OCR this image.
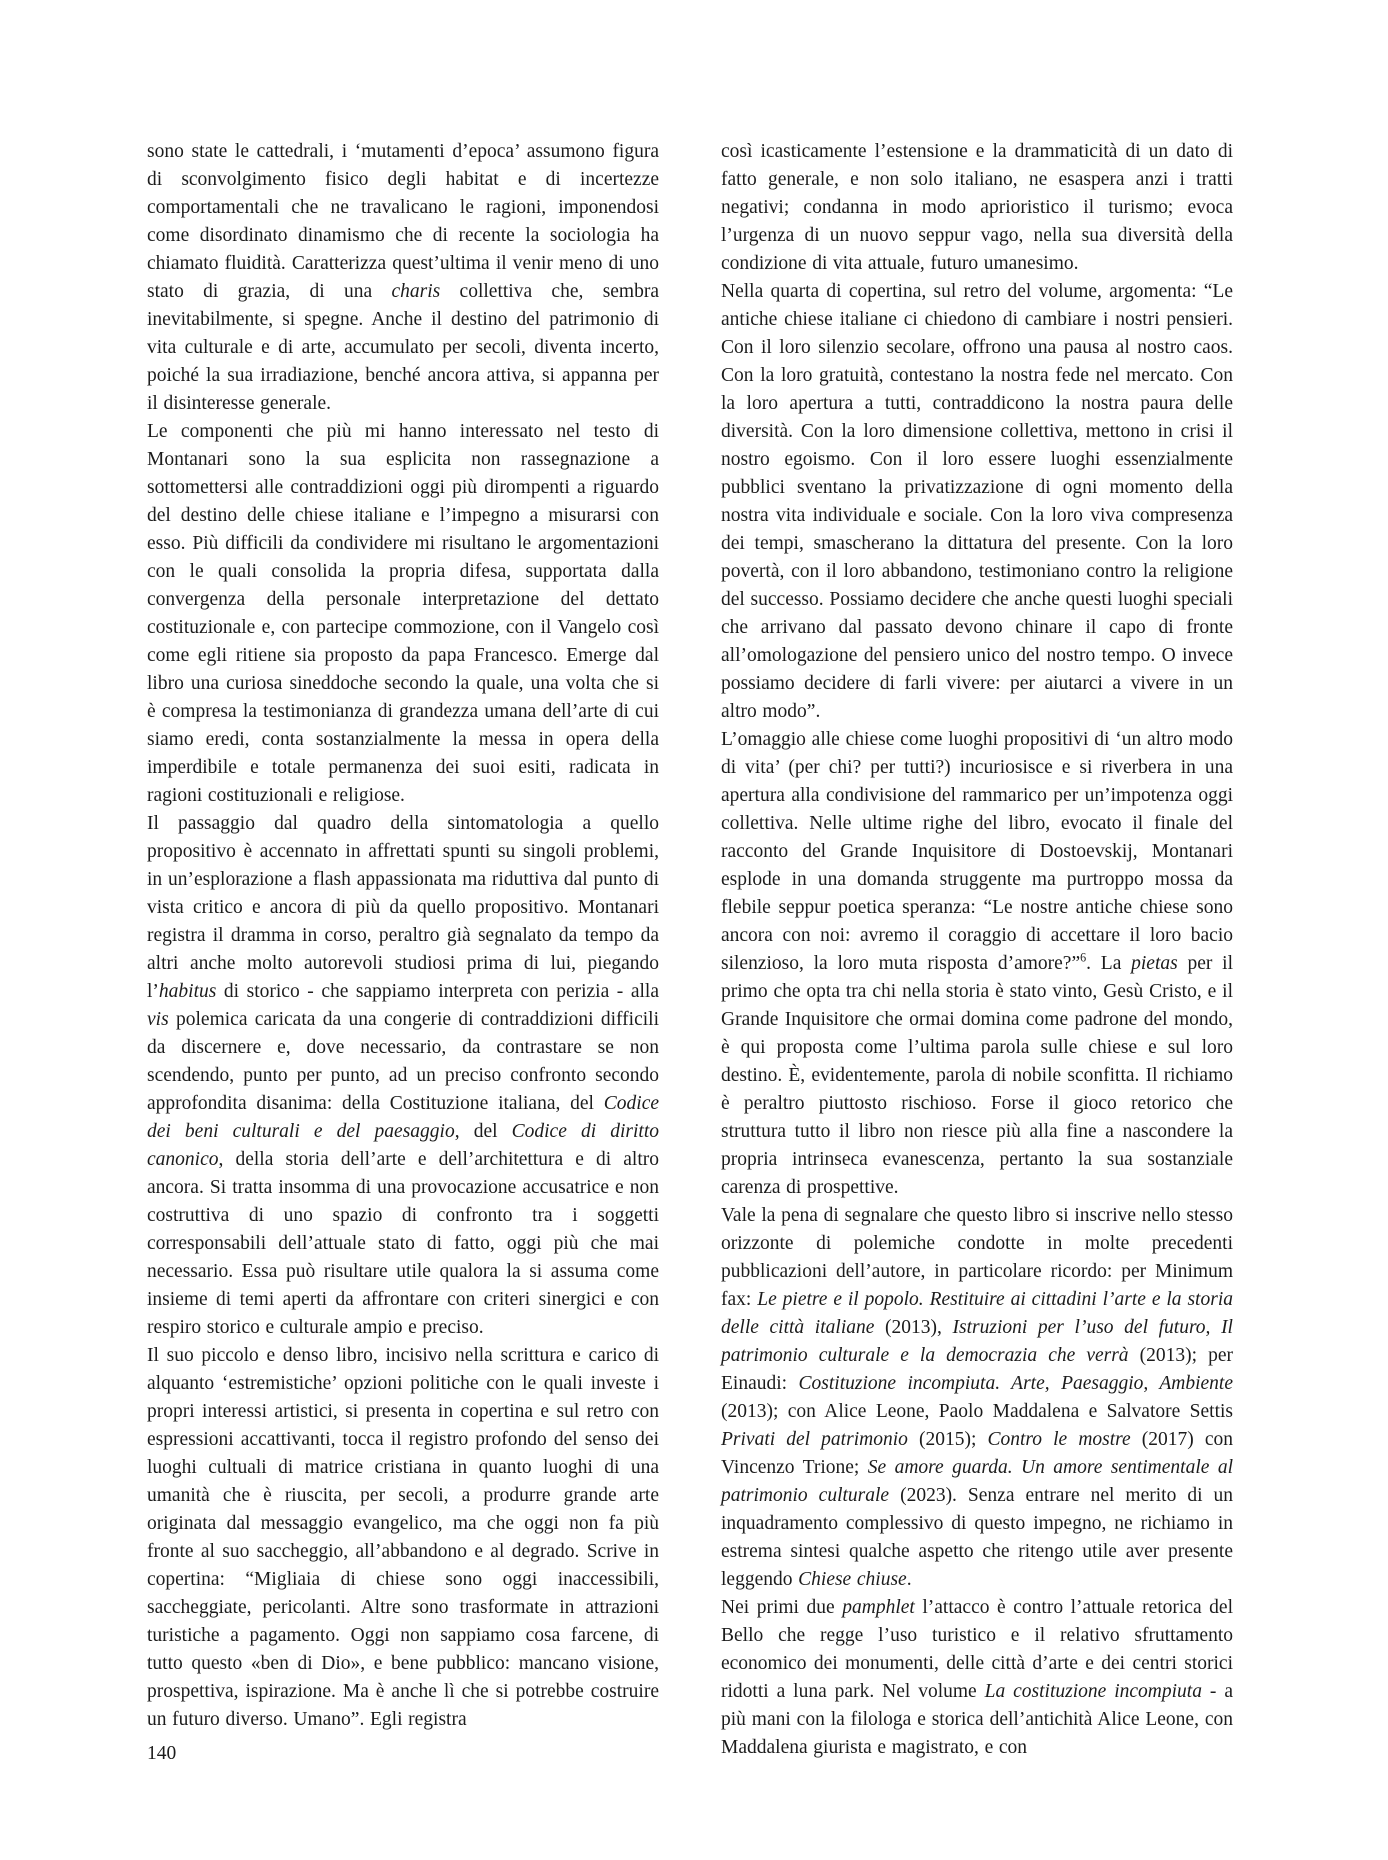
sono state le cattedrali, i ‘mutamenti d’epoca’ assumono figura di sconvolgimento fisico degli habitat e di incertezze comportamentali che ne travalicano le ragioni, imponendosi come disordinato dinamismo che di recente la sociologia ha chiamato fluidità. Caratterizza quest’ultima il venir meno di uno stato di grazia, di una charis collettiva che, sembra inevitabilmente, si spegne. Anche il destino del patrimonio di vita culturale e di arte, accumulato per secoli, diventa incerto, poiché la sua irradiazione, benché ancora attiva, si appanna per il disinteresse generale.

Le componenti che più mi hanno interessato nel testo di Montanari sono la sua esplicita non rassegnazione a sottomettersi alle contraddizioni oggi più dirompenti a riguardo del destino delle chiese italiane e l’impegno a misurarsi con esso. Più difficili da condividere mi risultano le argomentazioni con le quali consolida la propria difesa, supportata dalla convergenza della personale interpretazione del dettato costituzionale e, con partecipe commozione, con il Vangelo così come egli ritiene sia proposto da papa Francesco. Emerge dal libro una curiosa sineddoche secondo la quale, una volta che si è compresa la testimonianza di grandezza umana dell’arte di cui siamo eredi, conta sostanzialmente la messa in opera della imperdibile e totale permanenza dei suoi esiti, radicata in ragioni costituzionali e religiose.

Il passaggio dal quadro della sintomatologia a quello propositivo è accennato in affrettati spunti su singoli problemi, in un’esplorazione a flash appassionata ma riduttiva dal punto di vista critico e ancora di più da quello propositivo. Montanari registra il dramma in corso, peraltro già segnalato da tempo da altri anche molto autorevoli studiosi prima di lui, piegando l’habitus di storico - che sappiamo interpreta con perizia - alla vis polemica caricata da una congerie di contraddizioni difficili da discernere e, dove necessario, da contrastare se non scendendo, punto per punto, ad un preciso confronto secondo approfondita disanima: della Costituzione italiana, del Codice dei beni culturali e del paesaggio, del Codice di diritto canonico, della storia dell’arte e dell’architettura e di altro ancora. Si tratta insomma di una provocazione accusatrice e non costruttiva di uno spazio di confronto tra i soggetti corresponsabili dell’attuale stato di fatto, oggi più che mai necessario. Essa può risultare utile qualora la si assuma come insieme di temi aperti da affrontare con criteri sinergici e con respiro storico e culturale ampio e preciso.

Il suo piccolo e denso libro, incisivo nella scrittura e carico di alquanto ‘estremistiche’ opzioni politiche con le quali investe i propri interessi artistici, si presenta in copertina e sul retro con espressioni accattivanti, tocca il registro profondo del senso dei luoghi cultuali di matrice cristiana in quanto luoghi di una umanità che è riuscita, per secoli, a produrre grande arte originata dal messaggio evangelico, ma che oggi non fa più fronte al suo saccheggio, all’abbandono e al degrado. Scrive in copertina: “Migliaia di chiese sono oggi inaccessibili, saccheggiate, pericolanti. Altre sono trasformate in attrazioni turistiche a pagamento. Oggi non sappiamo cosa farcene, di tutto questo «ben di Dio», e bene pubblico: mancano visione, prospettiva, ispirazione. Ma è anche lì che si potrebbe costruire un futuro diverso. Umano”. Egli registra

così icasticamente l’estensione e la drammaticità di un dato di fatto generale, e non solo italiano, ne esaspera anzi i tratti negativi; condanna in modo aprioristico il turismo; evoca l’urgenza di un nuovo seppur vago, nella sua diversità della condizione di vita attuale, futuro umanesimo.

Nella quarta di copertina, sul retro del volume, argomenta: “Le antiche chiese italiane ci chiedono di cambiare i nostri pensieri. Con il loro silenzio secolare, offrono una pausa al nostro caos. Con la loro gratuità, contestano la nostra fede nel mercato. Con la loro apertura a tutti, contraddicono la nostra paura delle diversità. Con la loro dimensione collettiva, mettono in crisi il nostro egoismo. Con il loro essere luoghi essenzialmente pubblici sventano la privatizzazione di ogni momento della nostra vita individuale e sociale. Con la loro viva compresenza dei tempi, smascherano la dittatura del presente. Con la loro povertà, con il loro abbandono, testimoniano contro la religione del successo. Possiamo decidere che anche questi luoghi speciali che arrivano dal passato devono chinare il capo di fronte all’omologazione del pensiero unico del nostro tempo. O invece possiamo decidere di farli vivere: per aiutarci a vivere in un altro modo”.

L’omaggio alle chiese come luoghi propositivi di ‘un altro modo di vita’ (per chi? per tutti?) incuriosisce e si riverbera in una apertura alla condivisione del rammarico per un’impotenza oggi collettiva. Nelle ultime righe del libro, evocato il finale del racconto del Grande Inquisitore di Dostoevskij, Montanari esplode in una domanda struggente ma purtroppo mossa da flebile seppur poetica speranza: “Le nostre antiche chiese sono ancora con noi: avremo il coraggio di accettare il loro bacio silenzioso, la loro muta risposta d’amore?”$^6$. La pietas per il primo che opta tra chi nella storia è stato vinto, Gesù Cristo, e il Grande Inquisitore che ormai domina come padrone del mondo, è qui proposta come l’ultima parola sulle chiese e sul loro destino. È, evidentemente, parola di nobile sconfitta. Il richiamo è peraltro piuttosto rischioso. Forse il gioco retorico che struttura tutto il libro non riesce più alla fine a nascondere la propria intrinseca evanescenza, pertanto la sua sostanziale carenza di prospettive.

Vale la pena di segnalare che questo libro si inscrive nello stesso orizzonte di polemiche condotte in molte precedenti pubblicazioni dell’autore, in particolare ricordo: per Minimum fax: Le pietre e il popolo. Restituire ai cittadini l’arte e la storia delle città italiane (2013), Istruzioni per l’uso del futuro, Il patrimonio culturale e la democrazia che verrà (2013); per Einaudi: Costituzione incompiuta. Arte, Paesaggio, Ambiente (2013); con Alice Leone, Paolo Maddalena e Salvatore Settis Privati del patrimonio (2015); Contro le mostre (2017) con Vincenzo Trione; Se amore guarda. Un amore sentimentale al patrimonio culturale (2023). Senza entrare nel merito di un inquadramento complessivo di questo impegno, ne richiamo in estrema sintesi qualche aspetto che ritengo utile aver presente leggendo Chiese chiuse.

Nei primi due pamphlet l’attacco è contro l’attuale retorica del Bello che regge l’uso turistico e il relativo sfruttamento economico dei monumenti, delle città d’arte e dei centri storici ridotti a luna park. Nel volume La costituzione incompiuta - a più mani con la filologa e storica dell’antichità Alice Leone, con Maddalena giurista e magistrato, e con

140
